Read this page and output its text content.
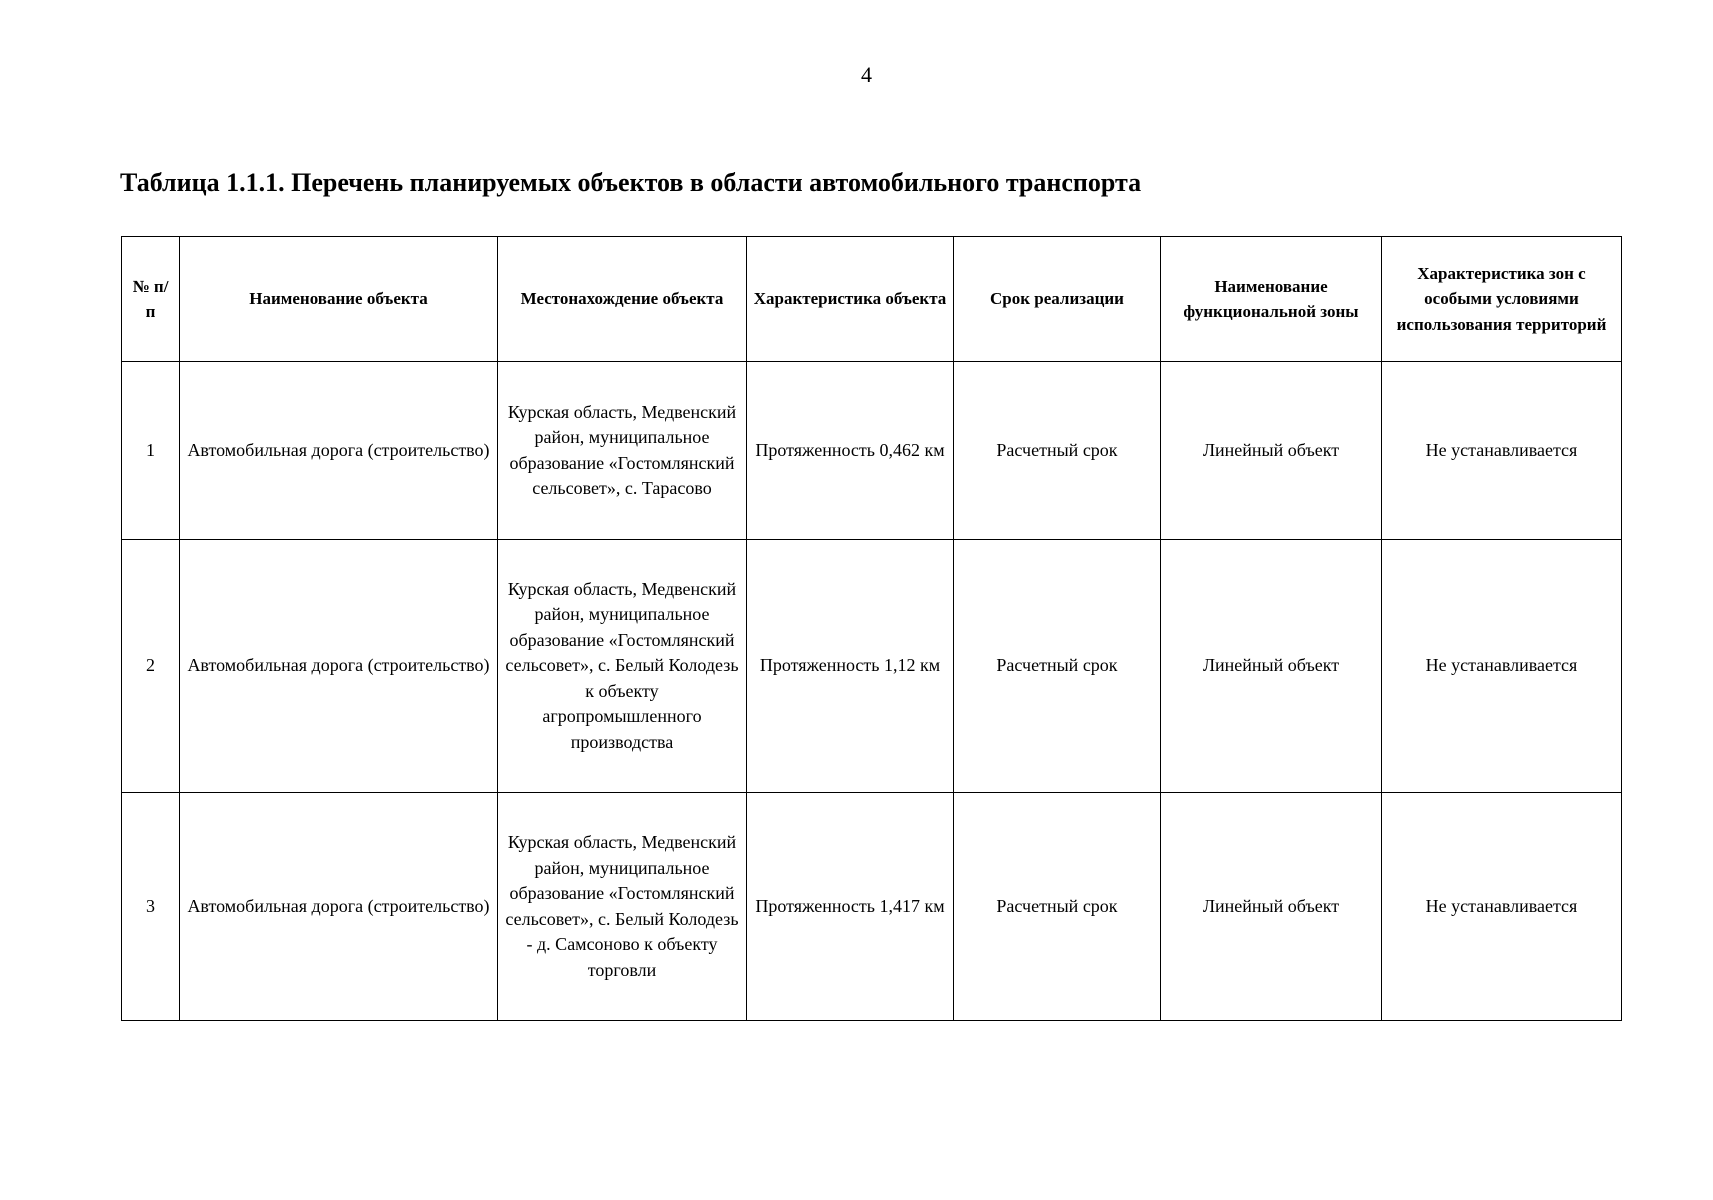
4
Таблица 1.1.1. Перечень планируемых объектов в области автомобильного транспорта
№ п/п	Наименование объекта	Местонахождение объекта	Характеристика объекта	Срок реализации	Наименование функциональной зоны	Характеристика зон с особыми условиями использования территорий
1	Автомобильная дорога (строительство)	Курская область, Медвенский район, муниципальное образование «Гостомлянский сельсовет», с. Тарасово	Протяженность 0,462 км	Расчетный срок	Линейный объект	Не устанавливается
2	Автомобильная дорога (строительство)	Курская область, Медвенский район, муниципальное образование «Гостомлянский сельсовет», с. Белый Колодезь к объекту агропромышленного производства	Протяженность 1,12 км	Расчетный срок	Линейный объект	Не устанавливается
3	Автомобильная дорога (строительство)	Курская область, Медвенский район, муниципальное образование «Гостомлянский сельсовет», с. Белый Колодезь - д. Самсоново к объекту торговли	Протяженность 1,417 км	Расчетный срок	Линейный объект	Не устанавливается
